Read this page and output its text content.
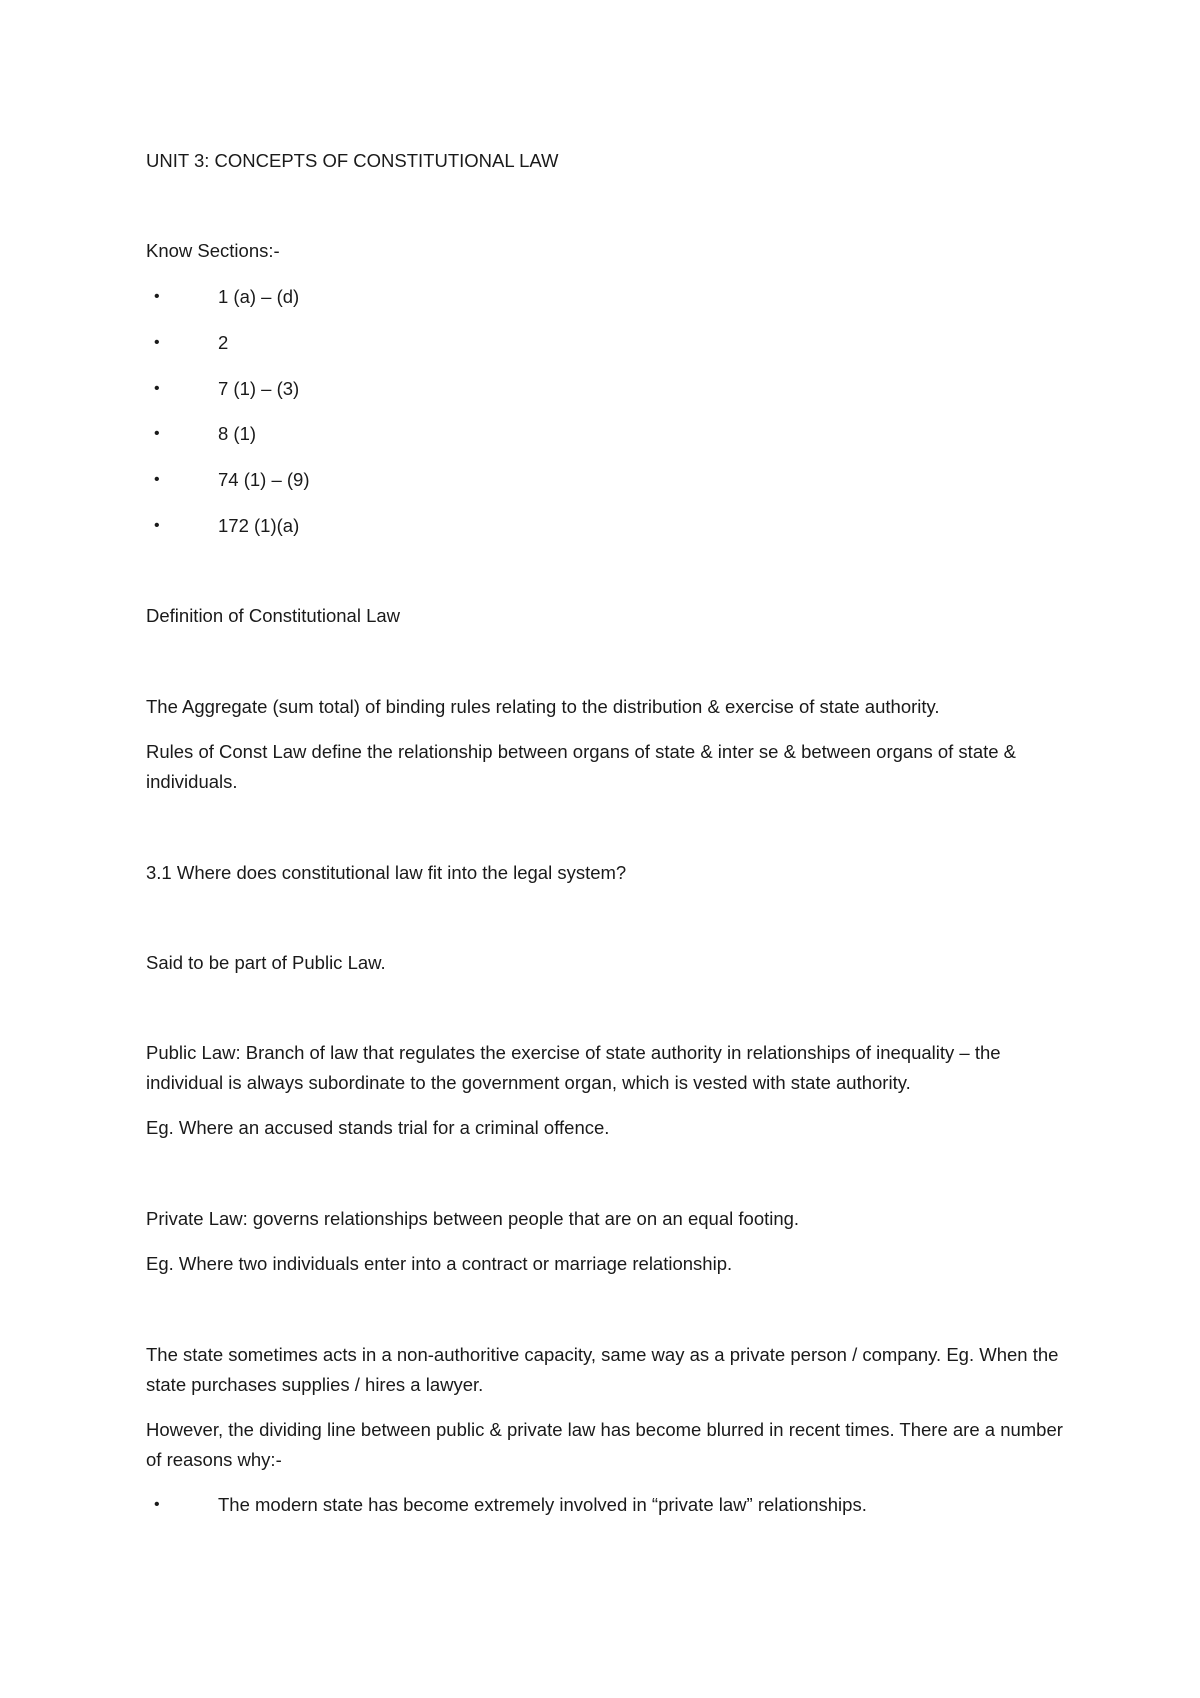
UNIT 3: CONCEPTS OF CONSTITUTIONAL LAW

Know Sections:-

•	1 (a) – (d)
•	2
•	7 (1) – (3)
•	8 (1)
•	74 (1) – (9)
•	172 (1)(a)

Definition of Constitutional Law

The Aggregate (sum total) of binding rules relating to the distribution & exercise of state authority.

Rules of Const Law define the relationship between organs of state & inter se & between organs of state & individuals.

3.1 Where does constitutional law fit into the legal system?

Said to be part of Public Law.

Public Law: Branch of law that regulates the exercise of state authority in relationships of inequality – the individual is always subordinate to the government organ, which is vested with state authority.

Eg. Where an accused stands trial for a criminal offence.

Private Law: governs relationships between people that are on an equal footing.

Eg. Where two individuals enter into a contract or marriage relationship.

The state sometimes acts in a non-authoritive capacity, same way as a private person / company. Eg. When the state purchases supplies / hires a lawyer.

However, the dividing line between public & private law has become blurred in recent times. There are a number of reasons why:-

•	The modern state has become extremely involved in “private law” relationships.
